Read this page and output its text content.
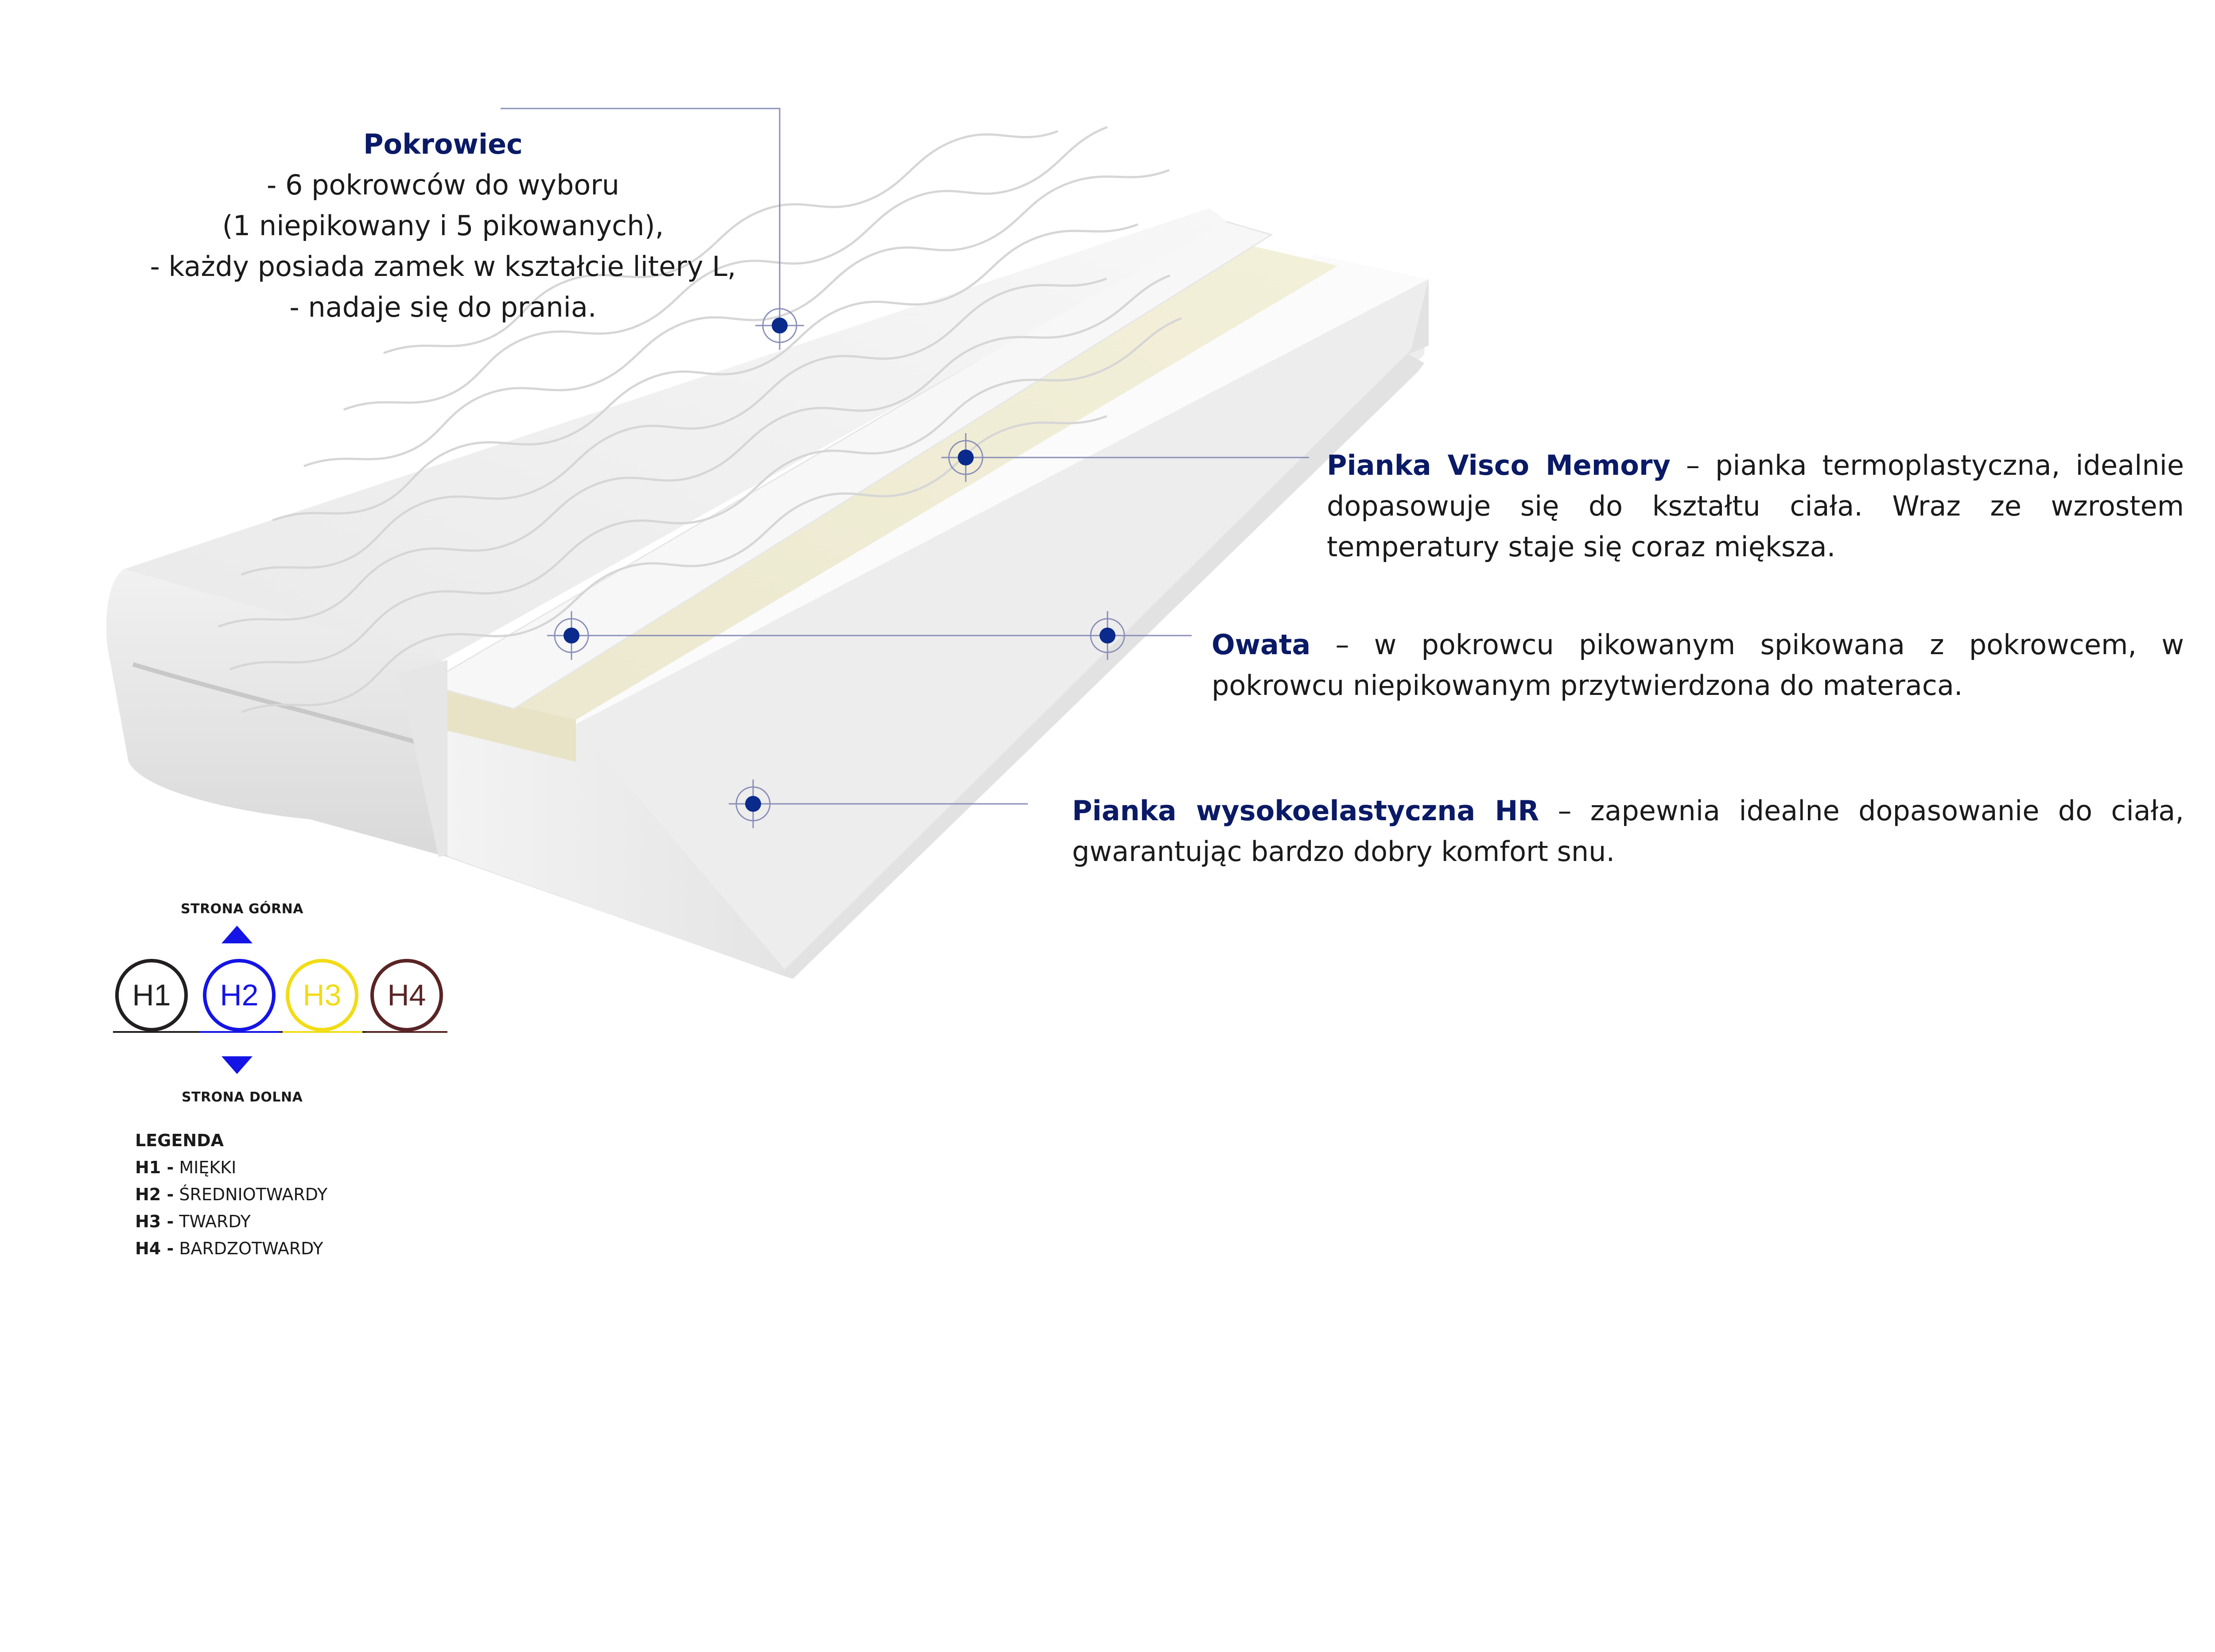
Pokrowiec
- 6 pokrowców do wyboru
(1 niepikowany i 5 pikowanych),
- każdy posiada zamek w kształcie litery L,
- nadaje się do prania.
Pianka Visco Memory – pianka termoplastyczna, idealnie dopasowuje się do kształtu ciała. Wraz ze wzrostem temperatury staje się coraz miększa.
Owata – w pokrowcu pikowanym spikowana z pokrowcem, w pokrowcu niepikowanym przytwierdzona do materaca.
Pianka wysokoelastyczna HR – zapewnia idealne dopasowanie do ciała, gwarantując bardzo dobry komfort snu.
STRONA GÓRNA
STRONA DOLNA
H1	H2	H3	H4
LEGENDA
H1 - MIĘKKI
H2 - ŚREDNIOTWARDY
H3 - TWARDY
H4 - BARDZOTWARDY
